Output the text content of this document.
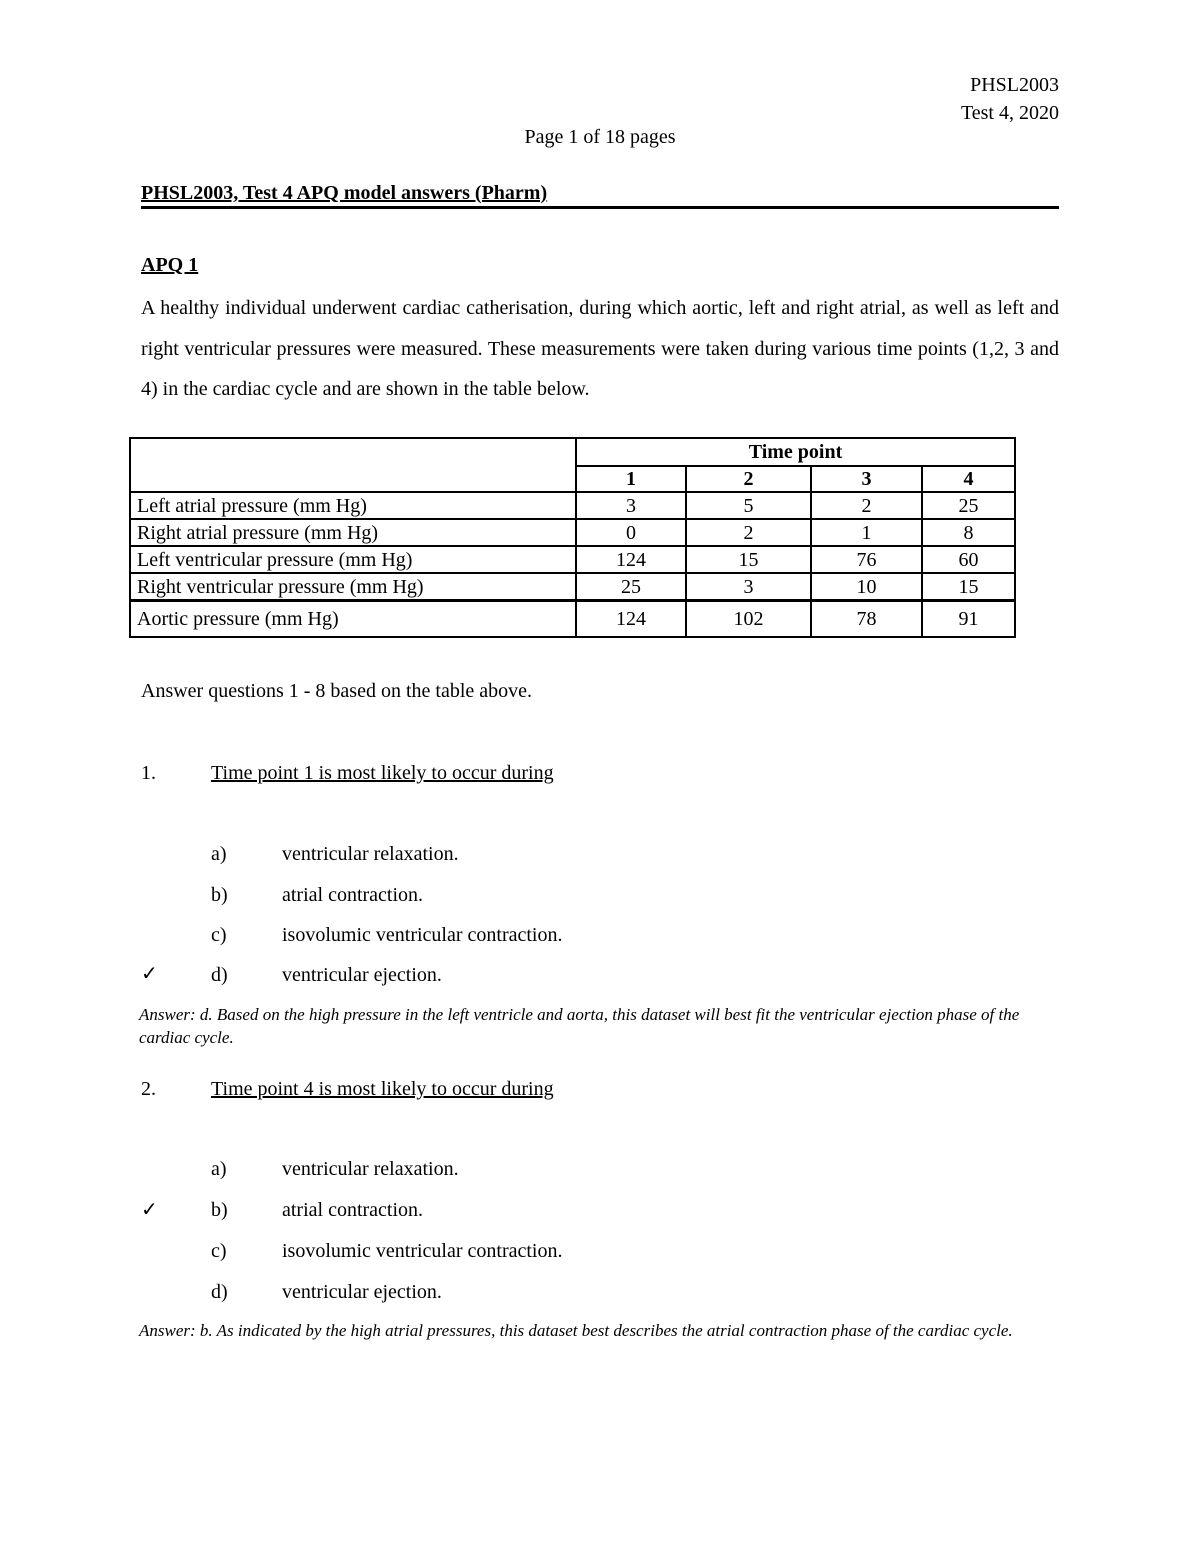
PHSL2003
Test 4, 2020
Page 1 of 18 pages
PHSL2003, Test 4 APQ model answers (Pharm)
APQ 1
A healthy individual underwent cardiac catherisation, during which aortic, left and right atrial, as well as left and right ventricular pressures were measured. These measurements were taken during various time points (1,2, 3 and 4) in the cardiac cycle and are shown in the table below.
	Time point			
	1	2	3	4
Left atrial pressure (mm Hg)	3	5	2	25
Right atrial pressure (mm Hg)	0	2	1	8
Left ventricular pressure (mm Hg)	124	15	76	60
Right ventricular pressure (mm Hg)	25	3	10	15
Aortic pressure (mm Hg)	124	102	78	91
Answer questions 1 - 8 based on the table above.
1.	Time point 1 is most likely to occur during
a)	ventricular relaxation.
b)	atrial contraction.
c)	isovolumic ventricular contraction.
✓	d)	ventricular ejection.
Answer: d. Based on the high pressure in the left ventricle and aorta, this dataset will best fit the ventricular ejection phase of the cardiac cycle.
2.	Time point 4 is most likely to occur during
a)	ventricular relaxation.
✓	b)	atrial contraction.
c)	isovolumic ventricular contraction.
d)	ventricular ejection.
Answer: b. As indicated by the high atrial pressures, this dataset best describes the atrial contraction phase of the cardiac cycle.
